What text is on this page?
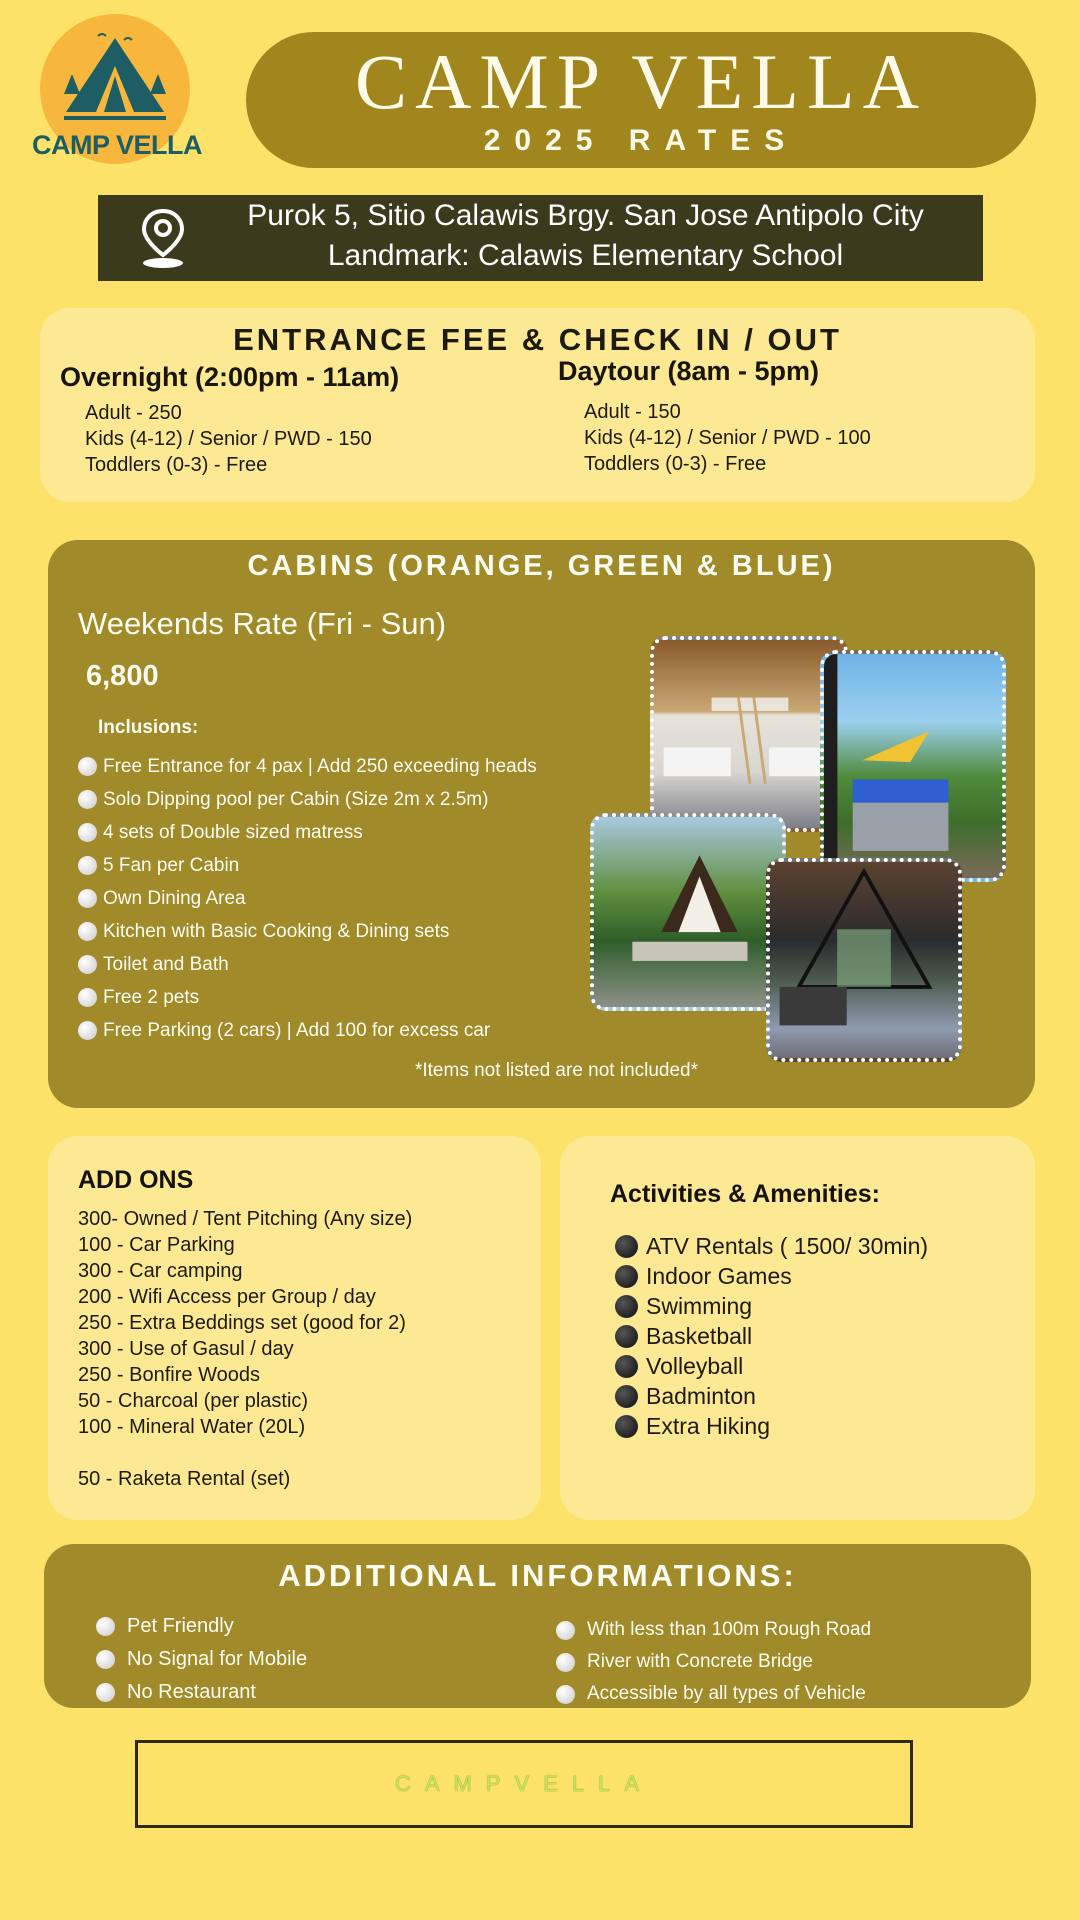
CAMP VELLA
CAMP VELLA
2025 RATES
Purok 5, Sitio Calawis Brgy. San Jose Antipolo City
Landmark: Calawis Elementary School
ENTRANCE FEE & CHECK IN / OUT
Overnight (2:00pm - 11am)
Adult - 250
Kids (4-12) / Senior / PWD - 150
Toddlers (0-3) - Free
Daytour (8am - 5pm)
Adult - 150
Kids (4-12) / Senior / PWD - 100
Toddlers (0-3) - Free
CABINS (ORANGE, GREEN & BLUE)
Weekends Rate (Fri - Sun)
6,800
Inclusions:
Free Entrance for 4 pax | Add 250 exceeding heads
Solo Dipping pool per Cabin (Size 2m x 2.5m)
4 sets of Double sized matress
5 Fan per Cabin
Own Dining Area
Kitchen with Basic Cooking & Dining sets
Toilet and Bath
Free 2 pets
Free Parking (2 cars) | Add 100 for excess car
*Items not listed are not included*
ADD ONS
300- Owned / Tent Pitching (Any size)
100 - Car Parking
300 - Car camping
200 - Wifi Access per Group / day
250 - Extra Beddings set (good for 2)
300 - Use of Gasul / day
250 - Bonfire Woods
50 - Charcoal (per plastic)
100 - Mineral Water (20L)
50 - Raketa Rental (set)
Activities & Amenities:
ATV Rentals ( 1500/ 30min)
Indoor Games
Swimming
Basketball
Volleyball
Badminton
Extra Hiking
ADDITIONAL INFORMATIONS:
Pet Friendly
No Signal for Mobile
No Restaurant
With less than 100m Rough Road
River with Concrete Bridge
Accessible by all types of Vehicle
CAMPVELLA
